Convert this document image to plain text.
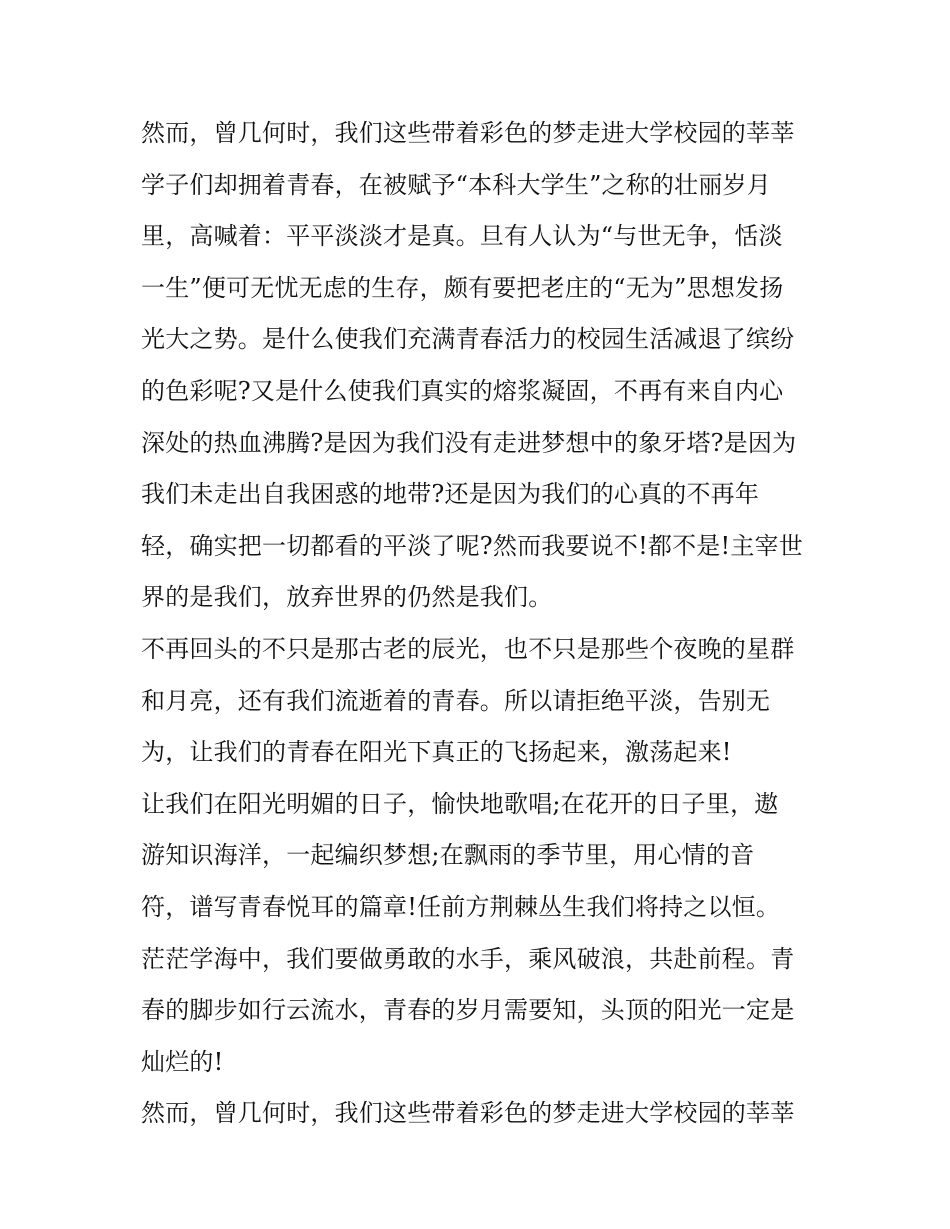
然而，曾几何时，我们这些带着彩色的梦走进大学校园的莘莘
学子们却拥着青春，在被赋予“本科大学生”之称的壮丽岁月
里，高喊着：平平淡淡才是真。旦有人认为“与世无争，恬淡
一生”便可无忧无虑的生存，颇有要把老庄的“无为”思想发扬
光大之势。是什么使我们充满青春活力的校园生活减退了缤纷
的色彩呢?又是什么使我们真实的熔浆凝固，不再有来自内心
深处的热血沸腾?是因为我们没有走进梦想中的象牙塔?是因为
我们未走出自我困惑的地带?还是因为我们的心真的不再年
轻，确实把一切都看的平淡了呢?然而我要说不!都不是!主宰世
界的是我们，放弃世界的仍然是我们。
不再回头的不只是那古老的辰光，也不只是那些个夜晚的星群
和月亮，还有我们流逝着的青春。所以请拒绝平淡，告别无
为，让我们的青春在阳光下真正的飞扬起来，激荡起来!
让我们在阳光明媚的日子，愉快地歌唱;在花开的日子里，遨
游知识海洋，一起编织梦想;在飘雨的季节里，用心情的音
符，谱写青春悦耳的篇章!任前方荆棘丛生我们将持之以恒。
茫茫学海中，我们要做勇敢的水手，乘风破浪，共赴前程。青
春的脚步如行云流水，青春的岁月需要知，头顶的阳光一定是
灿烂的!
然而，曾几何时，我们这些带着彩色的梦走进大学校园的莘莘
